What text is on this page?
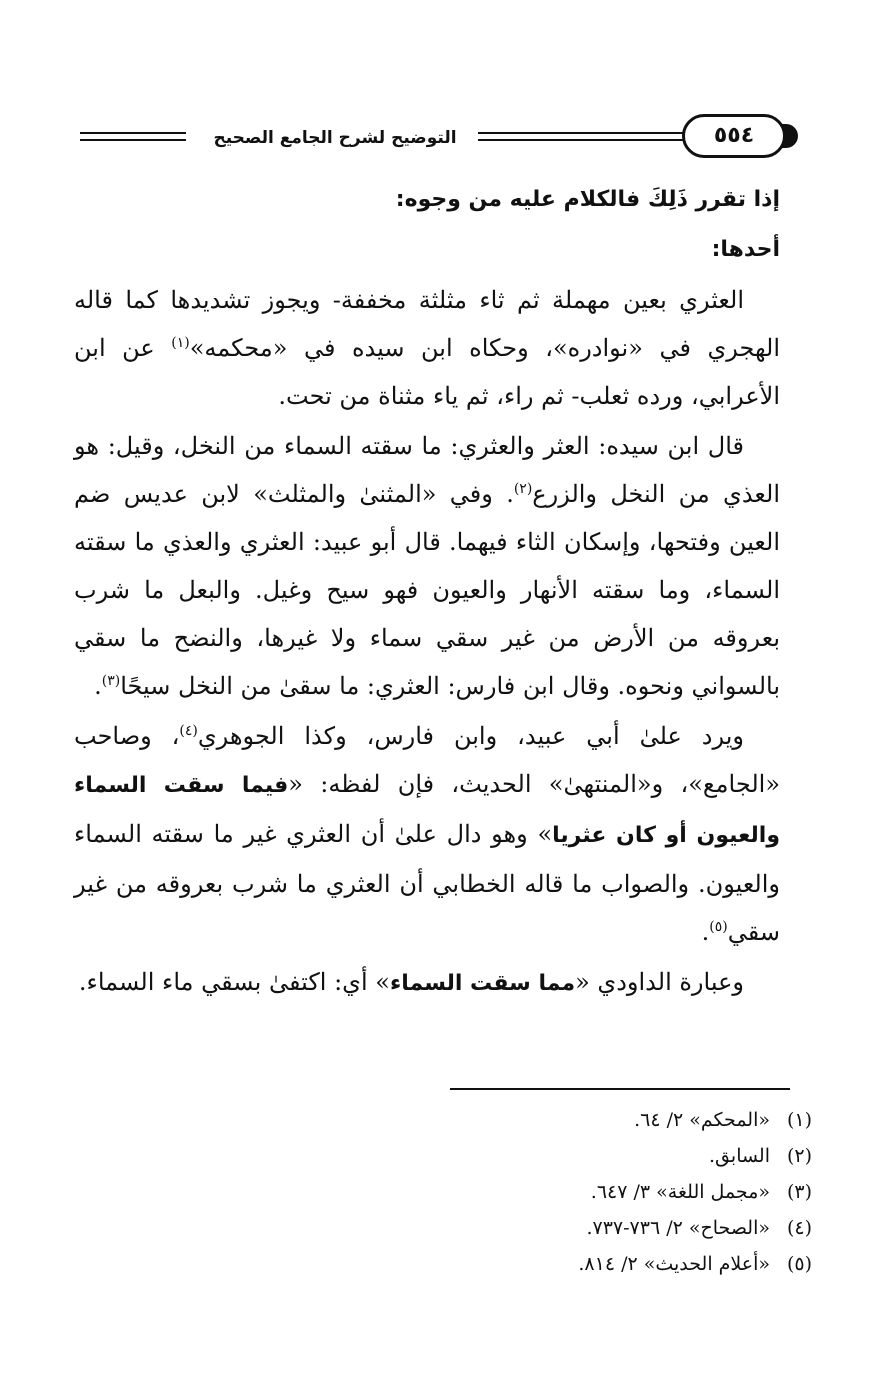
التوضيح لشرح الجامع الصحيح	٥٥٤

إذا تقرر ذَلِكَ فالكلام عليه من وجوه:

أحدها:

العثري بعين مهملة ثم ثاء مثلثة مخففة- ويجوز تشديدها كما قاله الهجري في «نوادره»، وحكاه ابن سيده في «محكمه»$^{(١)}$ عن ابن الأعرابي، ورده ثعلب- ثم راء، ثم ياء مثناة من تحت.

قال ابن سيده: العثر والعثري: ما سقته السماء من النخل، وقيل: هو العذي من النخل والزرع$^{(٢)}$. وفي «المثنىٰ والمثلث» لابن عديس ضم العين وفتحها، وإسكان الثاء فيهما. قال أبو عبيد: العثري والعذي ما سقته السماء، وما سقته الأنهار والعيون فهو سيح وغيل. والبعل ما شرب بعروقه من الأرض من غير سقي سماء ولا غيرها، والنضح ما سقي بالسواني ونحوه. وقال ابن فارس: العثري: ما سقىٰ من النخل سيحًا$^{(٣)}$.

ويرد علىٰ أبي عبيد، وابن فارس، وكذا الجوهري$^{(٤)}$، وصاحب «الجامع»، و«المنتهىٰ» الحديث، فإن لفظه: «فيما سقت السماء والعيون أو كان عثريا» وهو دال علىٰ أن العثري غير ما سقته السماء والعيون. والصواب ما قاله الخطابي أن العثري ما شرب بعروقه من غير سقي$^{(٥)}$.

وعبارة الداودي «مما سقت السماء» أي: اكتفىٰ بسقي ماء السماء.

(١)
«المحكم» ٢/ ٦٤.
(٢)
السابق.
(٣)
«مجمل اللغة» ٣/ ٦٤٧.
(٤)
«الصحاح» ٢/ ٧٣٦-٧٣٧.
(٥)
«أعلام الحديث» ٢/ ٨١٤.
